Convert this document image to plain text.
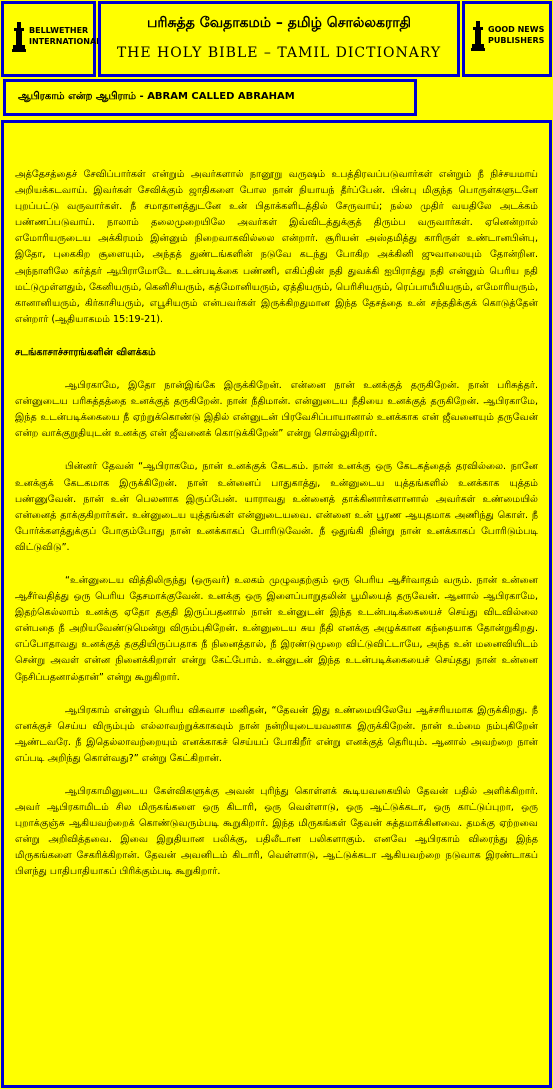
BELLWETHER
INTERNATIONAL
பரிசுத்த வேதாகமம் – தமிழ் சொல்லகராதி
THE HOLY BIBLE – TAMIL DICTIONARY
GOOD NEWS
PUBLISHERS
ஆபிரகாம் என்ற ஆபிராம் - ABRAM CALLED ABRAHAM

அத்தேசத்தைச் சேவிப்பார்கள் என்றும் அவர்களால் நானூறு வருஷம் உபத்திரவப்படுவார்கள் என்றும் நீ நிச்சயமாய் அறியக்கடவாய். இவர்கள் சேவிக்கும் ஜாதிகளை போல நான் நியாயந் தீர்ப்பேன். பின்பு மிகுந்த பொருள்களுடனே புறப்பட்டு வருவார்கள். நீ சமாதானத்துடனே உன் பிதாக்களிடத்தில் சேருவாய்; நல்ல முதிர் வயதிலே அடக்கம் பண்ணப்படுவாய். நாலாம் தலைமுறையிலே அவர்கள் இவ்விடத்துக்குத் திரும்ப வருவார்கள். ஏனென்றால் எமோரியருடைய அக்கிரமம் இன்னும் நிறைவாகவில்லை என்றார். சூரியன் அஸ்தமித்து காரிருள் உண்டானபின்பு, இதோ, புகைகிற சூளையும், அந்தத் துண்டங்களின் நடுவே கடந்து போகிற அக்கினி ஜுவாலையும் தோன்றின. அந்நாளிலே கர்த்தர் ஆபிராமோடே உடன்படிக்கை பண்ணி, எகிப்தின் நதி துவக்கி ஐபிராத்து நதி என்னும் பெரிய நதி மட்டுமுள்ளதும், கேனியரும், கெனிசியரும், கத்மோனியரும், ஏத்தியரும், பெரிசியரும், ரெப்பாயீமியரும், எமோரியரும், கானானியரும், கிர்காசியரும், எபூசியரும் என்பவர்கள் இருக்கிறதுமான இந்த தேசத்தை உன் சந்ததிக்குக் கொடுத்தேன் என்றார் (ஆதியாகமம் 15:19-21).

சடங்காசாச்சாரங்களின் விளக்கம்

ஆபிரகாமே, இதோ நான்இங்கே இருக்கிறேன். என்னை நான் உனக்குத் தருகிறேன். நான் பரிசுத்தர். என்னுடைய பரிசுத்தத்தை உனக்குத் தருகிறேன். நான் நீதிமான். என்னுடைய நீதியை உனக்குத் தருகிறேன். ஆபிரகாமே, இந்த உடன்படிக்கையை நீ ஏற்றுக்கொண்டு இதில் என்னுடன் பிரவேசிப்பாயானால் உனக்காக என் ஜீவனையும் தருவேன் என்ற வாக்குறுதியுடன் உனக்கு என் ஜீவனைக் கொடுக்கிறேன்” என்று சொல்லுகிறார்.

பின்னர் தேவன் “ஆபிராகமே, நான் உனக்குக் கேடகம். நான் உனக்கு ஒரு கேடகத்தைத் தரவில்லை. நானே உனக்குக் கேடகமாக இருக்கிறேன். நான் உன்னைப் பாதுகாத்து, உன்னுடைய யுத்தங்களில் உனக்காக யுத்தம் பண்ணுவேன். நான் உன் பெலனாக இருப்பேன். யாராவது உன்னைத் தாக்கினார்களானால் அவர்கள் உண்மையில் என்னைத் தாக்குகிறார்கள். உன்னுடைய யுத்தங்கள் என்னுடையவை. என்னை உன் பூரண ஆயுதமாக அணிந்து கொள். நீ போர்க்களத்துக்குப் போகும்போது நான் உனக்காகப் போரிடுவேன். நீ ஒதுங்கி நின்று நான் உனக்காகப் போரிடும்படி விட்டுவிடு”.

“உன்னுடைய வித்திலிருந்து (ஒருவர்) உலகம் முழுவதற்கும் ஒரு பெரிய ஆசீர்வாதம் வரும். நான் உன்னை ஆசீர்வதித்து ஒரு பெரிய தேசமாக்குவேன். உனக்கு ஒரு இளைப்பாறுதலின் பூமியைத் தருவேன். ஆனால் ஆபிரகாமே, இதற்கெல்லாம் உனக்கு ஏதோ தகுதி இருப்பதனால் நான் உன்னுடன் இந்த உடன்படிக்கையைச் செய்து விடவில்லை என்பதை நீ அறியவேண்டுமென்று விரும்புகிறேன். உன்னுடைய சுய நீதி எனக்கு அழுக்கான கந்தையாக தோன்றுகிறது. எப்போதாவது உனக்குத் தகுதியிருப்பதாக நீ நினைத்தால், நீ இரண்டுமுறை விட்டுவிட்டாயே, அந்த உன் மனைவியிடம் சென்று அவள் என்ன நினைக்கிறாள் என்று கேட்போம். உன்னுடன் இந்த உடன்படிக்கையைச் செய்தது நான் உன்னை நேசிப்பதனால்தான்” என்று கூறுகிறார்.

ஆபிரகாம் என்னும் பெரிய விசுவாச மனிதன், “தேவன் இது உண்மையிலேயே ஆச்சரியமாக இருக்கிறது. நீ எனக்குச் செய்ய விரும்பும் எல்லாவற்றுக்காகவும் நான் நன்றியுடையவனாக இருக்கிறேன். நான் உம்மை நம்புகிறேன் ஆண்டவரே. நீ இதெல்லாவற்றையும் எனக்காகச் செய்யப் போகிறீர் என்று எனக்குத் தெரியும். ஆனால் அவற்றை நான் எப்படி அறிந்து கொள்வது?” என்று கேட்கிறான்.

ஆபிரகாமினுடைய கேள்விகளுக்கு அவன் புரிந்து கொள்ளக் கூடியவகையில் தேவன் பதில் அளிக்கிறார். அவர் ஆபிரகாமிடம் சில மிருகங்களை ஒரு கிடாரி, ஒரு வெள்ளாடு, ஒரு ஆட்டுக்கடா, ஒரு காட்டுப்புறா, ஒரு புறாக்குஞ்சு ஆகியவற்றைக் கொண்டுவரும்படி கூறுகிறார். இந்த மிருகங்கள் தேவன் சுத்தமாக்கினவை. தமக்கு ஏற்றவை என்று அறிவித்தவை. இவை இறுதியான பலிக்கு, பதிலீடான பலிகளாகும். எனவே ஆபிரகாம் விரைந்து இந்த மிருகங்களை சேகரிக்கிறான். தேவன் அவனிடம் கிடாரி, வெள்ளாடு, ஆட்டுக்கடா ஆகியவற்றை நடுவாக இரண்டாகப் பிளந்து பாதிபாதியாகப் பிரிக்கும்படி கூறுகிறார்.
